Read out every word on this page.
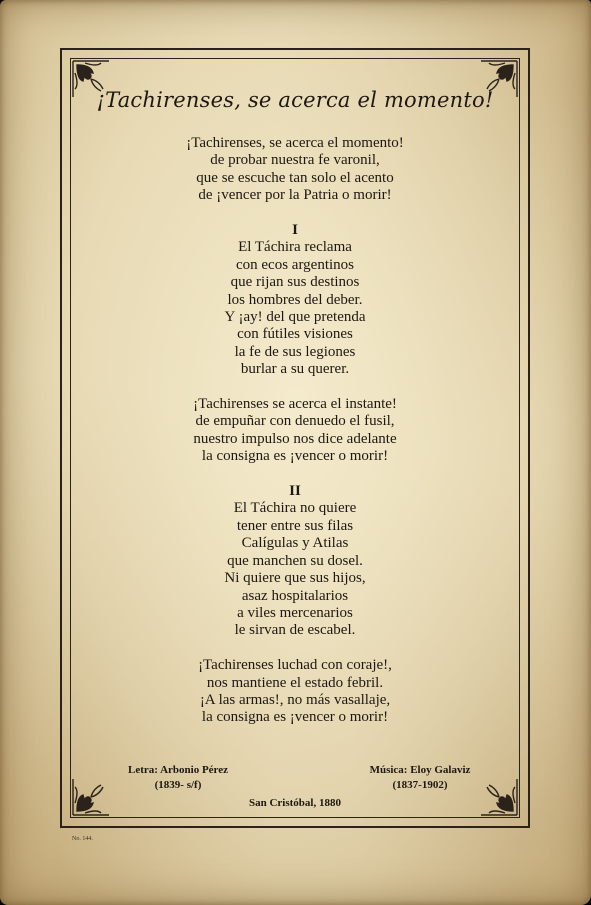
¡Tachirenses, se acerca el momento!
¡Tachirenses, se acerca el momento!
de probar nuestra fe varonil,
que se escuche tan solo el acento
de ¡vencer por la Patria o morir!
I
El Táchira reclama
con ecos argentinos
que rijan sus destinos
los hombres del deber.
Y ¡ay! del que pretenda
con fútiles visiones
la fe de sus legiones
burlar a su querer.
¡Tachirenses se acerca el instante!
de empuñar con denuedo el fusil,
nuestro impulso nos dice adelante
la consigna es ¡vencer o morir!
II
El Táchira no quiere
tener entre sus filas
Calígulas y Atilas
que manchen su dosel.
Ni quiere que sus hijos,
asaz hospitalarios
a viles mercenarios
le sirvan de escabel.
¡Tachirenses luchad con coraje!,
nos mantiene el estado febril.
¡A las armas!, no más vasallaje,
la consigna es ¡vencer o morir!
Letra: Arbonio Pérez
(1839- s/f)
Música: Eloy Galaviz
(1837-1902)
San Cristóbal, 1880
No. 144.
